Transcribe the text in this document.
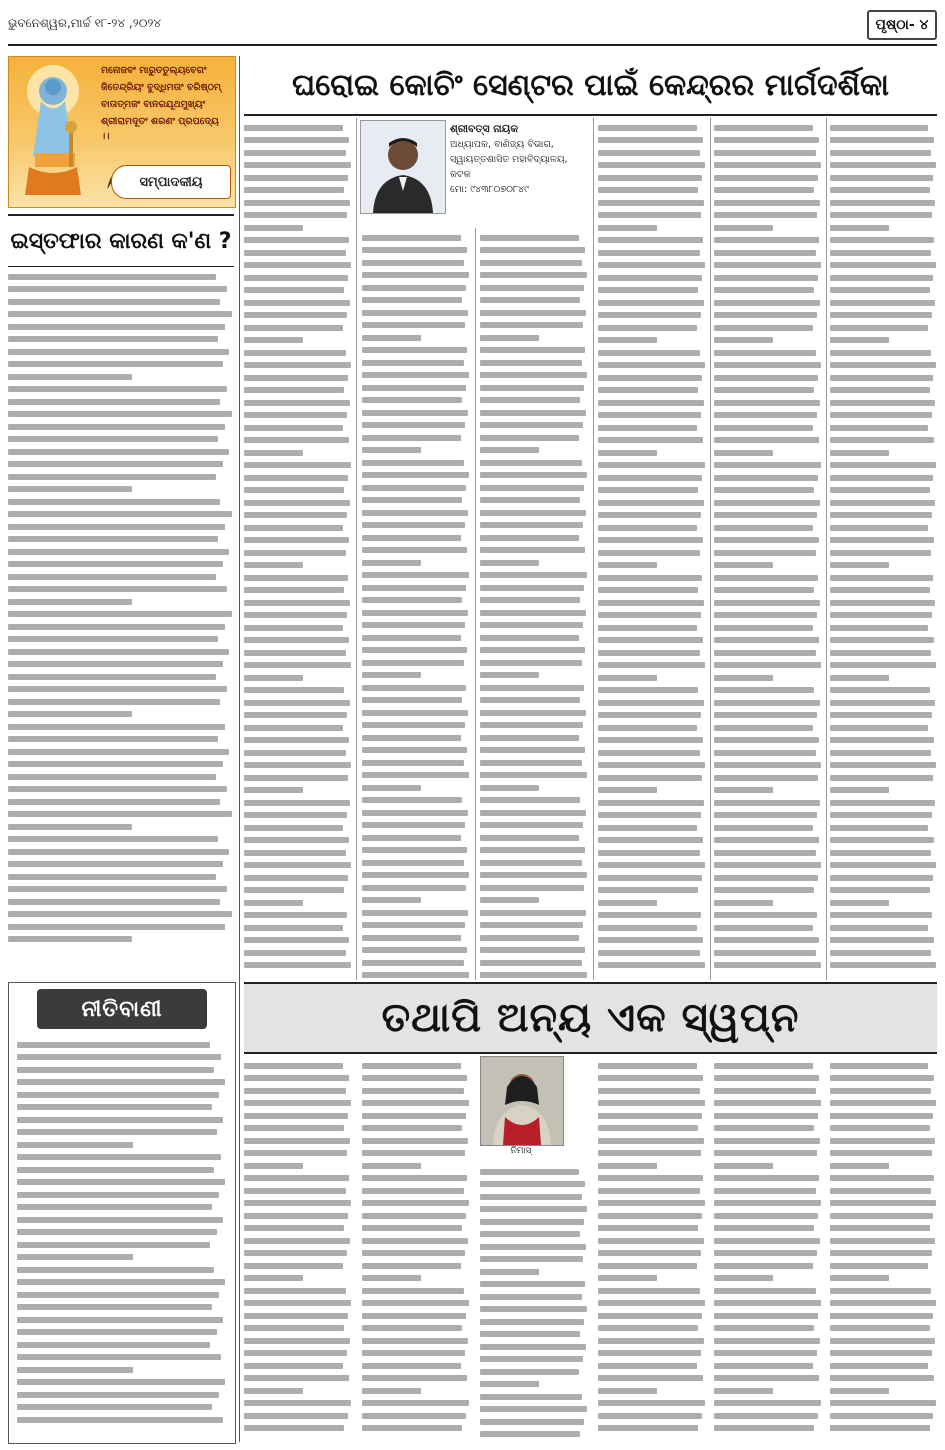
ଭୁବନେଶ୍ୱର,ମାର୍ଚ୍ଚ ୧୮-୨୪ ,୨୦୨୪	ପୃଷ୍ଠା- ୪
ମନୋଜବଂ ମାରୁତତୁଲ୍ୟବେଗଂ
ଜିତେନ୍ଦ୍ରିୟଂ ବୁଦ୍ଧିମତାଂ ବରିଷ୍ଠମ୍
ବାତାତ୍ମଜଂ ବାନରଯୂଥମୁଖ୍ୟଂ
ଶ୍ରୀରାମଦୂତଂ ଶରଣଂ ପ୍ରପଦ୍ୟେ ।।
ସମ୍ପାଦକୀୟ
ଇସ୍ତଫାର କାରଣ କ'ଣ ?
ନୀତିବାଣୀ
ଘରୋଇ କୋଚିଂ ସେଣ୍ଟର ପାଇଁ କେନ୍ଦ୍ରର ମାର୍ଗଦର୍ଶିକା
ଶ୍ରୀବତ୍ସ ନାୟକ
ଅଧ୍ୟାପକ, ବାଣିଜ୍ୟ ବିଭାଗ,
ସ୍ୱାୟତ୍ତଶାସିତ ମହାବିଦ୍ୟାଳୟ, କଟକ
ମୋ: ୯୪୩୮୦୭୦୮୪୯
ତଥାପି ଅନ୍ୟ ଏକ ସ୍ୱପ୍ନ
ନିମାସ୍
